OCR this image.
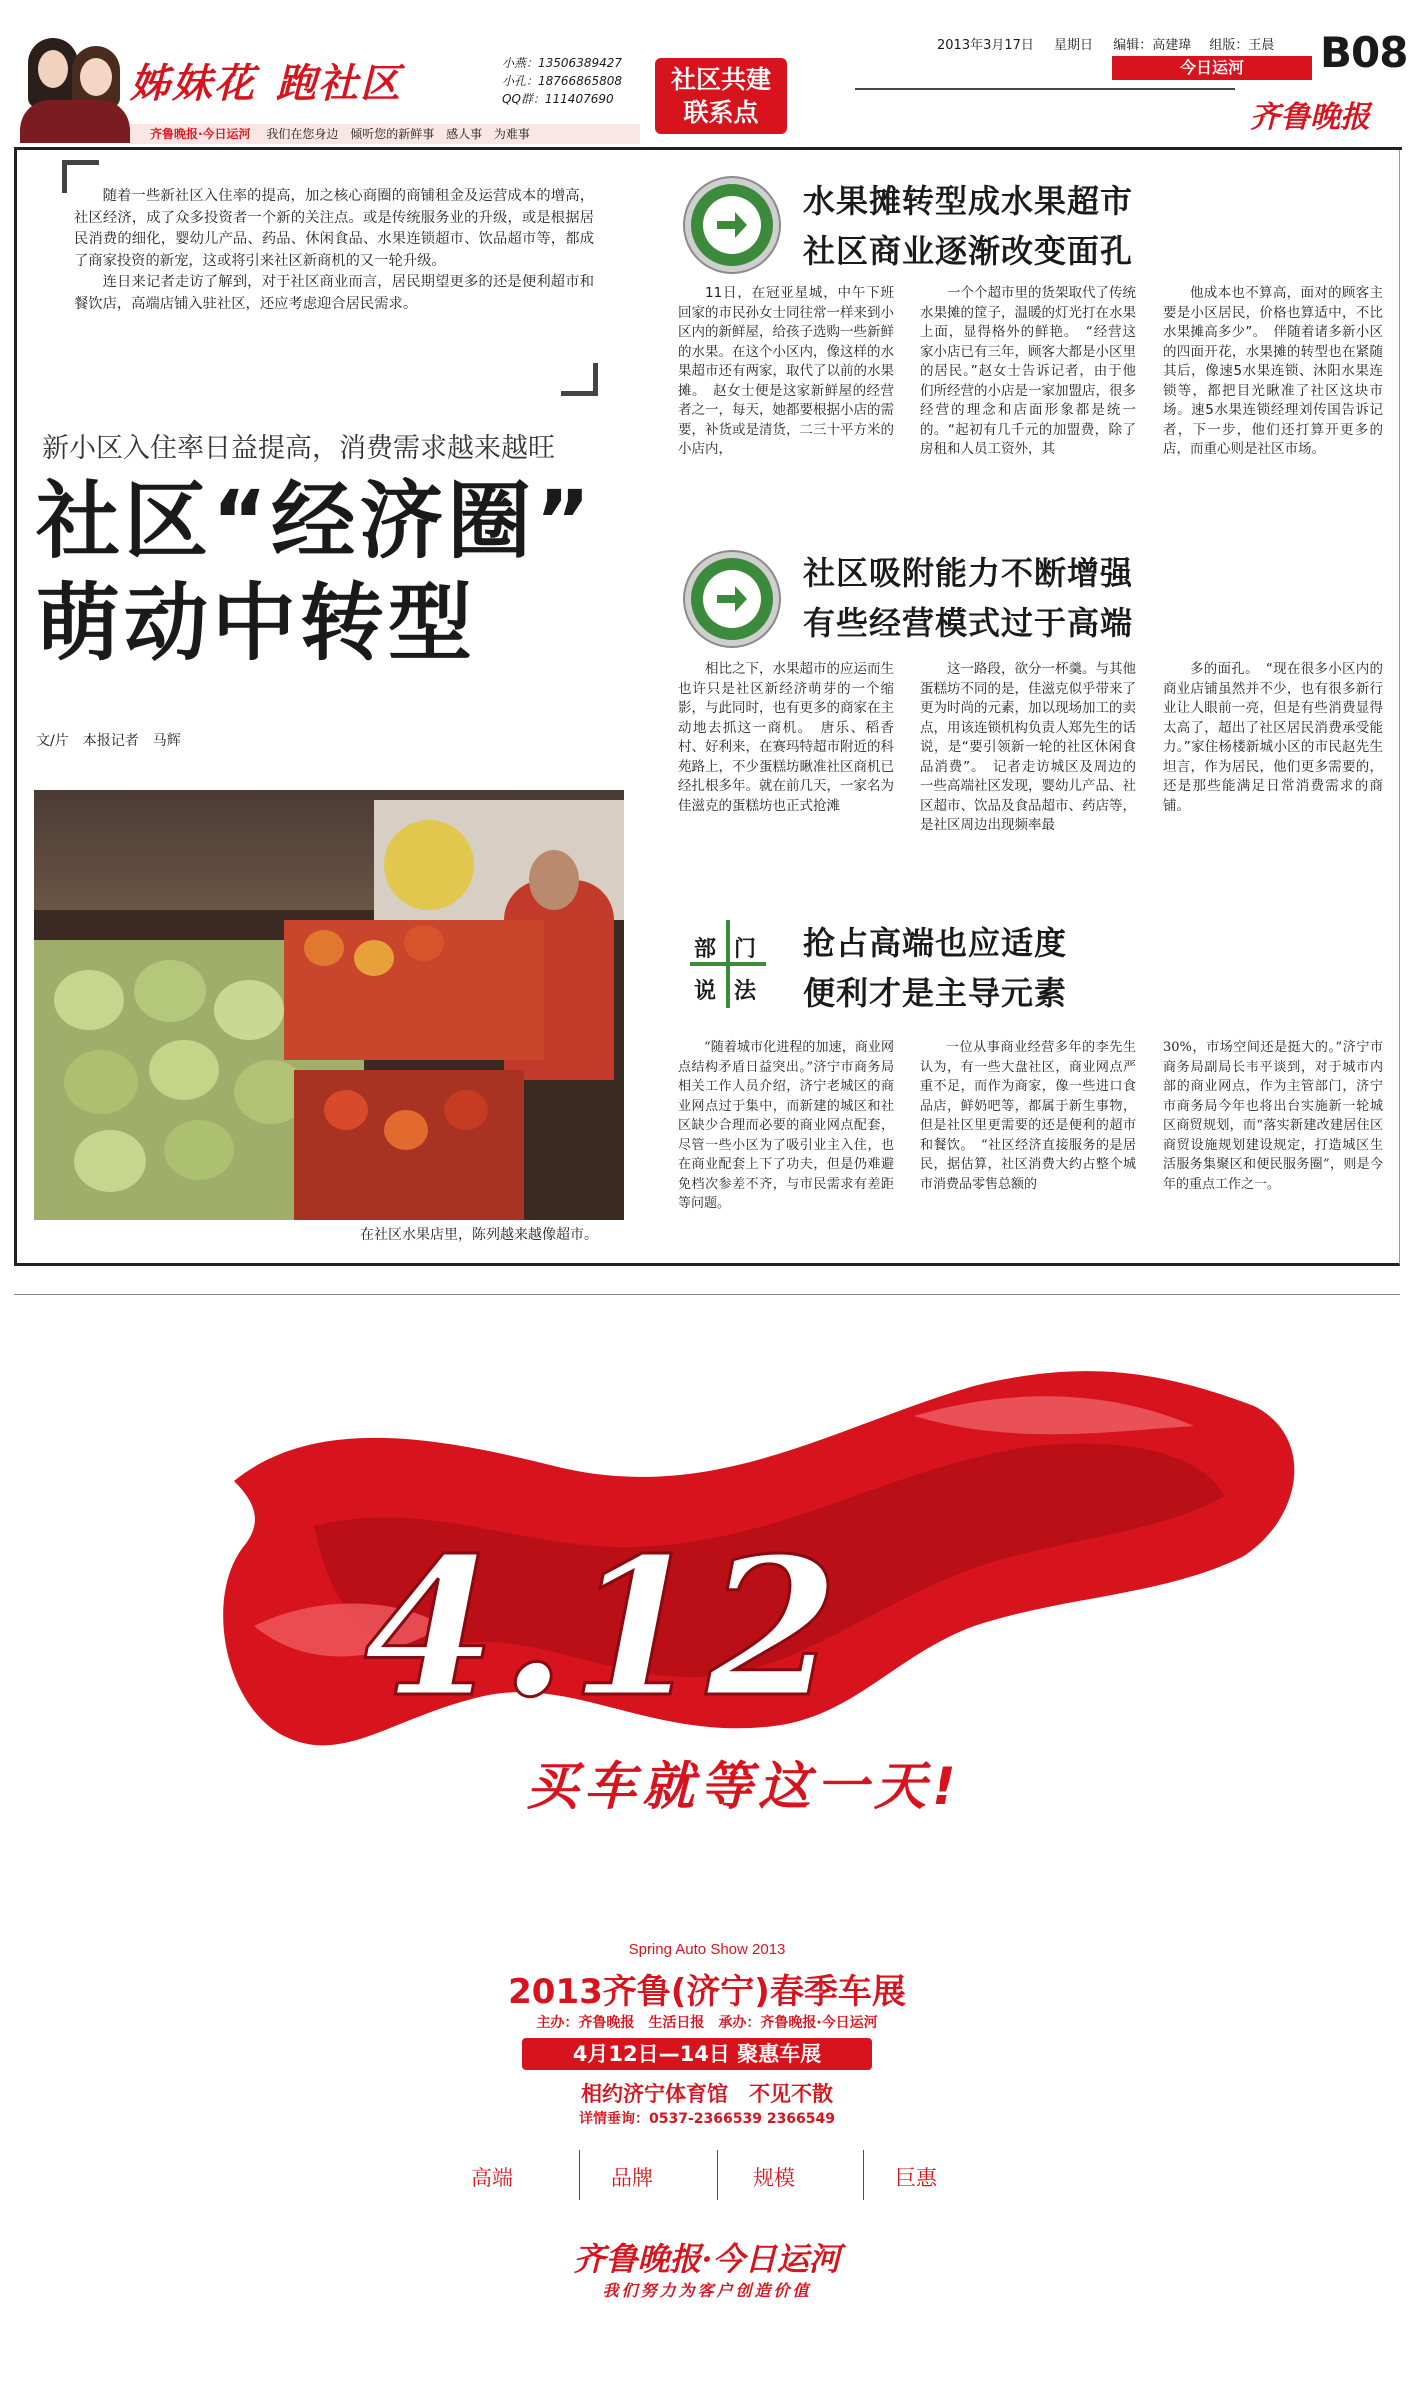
姊妹花 跑社区	小燕：13506389427
小孔：18766865808
QQ群：111407690
社区共建
联系点
齐鲁晚报·今日运河 我们在您身边 倾听您的新鲜事 感人事 为难事
2013年3月17日 星期日 编辑：高建瑋 组版：王晨
今日运河	B08
齐鲁晚报

随着一些新社区入住率的提高，加之核心商圈的商铺租金及运营成本的增高，社区经济，成了众多投资者一个新的关注点。或是传统服务业的升级，或是根据居民消费的细化，婴幼儿产品、药品、休闲食品、水果连锁超市、饮品超市等，都成了商家投资的新宠，这或将引来社区新商机的又一轮升级。

连日来记者走访了解到，对于社区商业而言，居民期望更多的还是便利超市和餐饮店，高端店铺入驻社区，还应考虑迎合居民需求。

新小区入住率日益提高，消费需求越来越旺
社区“经济圈”
萌动中转型
文/片　本报记者　马辉
在社区水果店里，陈列越来越像超市。
水果摊转型成水果超市
社区商业逐渐改变面孔
11日，在冠亚星城，中午下班回家的市民孙女士同往常一样来到小区内的新鲜屋，给孩子选购一些新鲜的水果。在这个小区内，像这样的水果超市还有两家，取代了以前的水果摊。　赵女士便是这家新鲜屋的经营者之一，每天，她都要根据小店的需要，补货或是清货，二三十平方米的小店内，
一个个超市里的货架取代了传统水果摊的筐子，温暖的灯光打在水果上面，显得格外的鲜艳。　“经营这家小店已有三年，顾客大都是小区里的居民。”赵女士告诉记者，由于他们所经营的小店是一家加盟店，很多经营的理念和店面形象都是统一的。“起初有几千元的加盟费，除了房租和人员工资外，其
他成本也不算高，面对的顾客主要是小区居民，价格也算适中，不比水果摊高多少”。　伴随着诸多新小区的四面开花，水果摊的转型也在紧随其后，像速5水果连锁、沐阳水果连锁等，都把目光瞅准了社区这块市场。速5水果连锁经理刘传国告诉记者，下一步，他们还打算开更多的店，而重心则是社区市场。
社区吸附能力不断增强
有些经营模式过于高端
相比之下，水果超市的应运而生也许只是社区新经济萌芽的一个缩影，与此同时，也有更多的商家在主动地去抓这一商机。　唐乐、稻香村、好利来，在赛玛特超市附近的科苑路上，不少蛋糕坊瞅准社区商机已经扎根多年。就在前几天，一家名为佳滋克的蛋糕坊也正式抢滩
这一路段，欲分一杯羹。与其他蛋糕坊不同的是，佳滋克似乎带来了更为时尚的元素，加以现场加工的卖点，用该连锁机构负责人郑先生的话说，是“要引领新一轮的社区休闲食品消费”。　记者走访城区及周边的一些高端社区发现，婴幼儿产品、社区超市、饮品及食品超市、药店等，是社区周边出现频率最
多的面孔。　“现在很多小区内的商业店铺虽然并不少，也有很多新行业让人眼前一亮，但是有些消费显得太高了，超出了社区居民消费承受能力。”家住杨楼新城小区的市民赵先生坦言，作为居民，他们更多需要的，还是那些能满足日常消费需求的商铺。
部 门
说 法
抢占高端也应适度
便利才是主导元素
“随着城市化进程的加速，商业网点结构矛盾日益突出。”济宁市商务局相关工作人员介绍，济宁老城区的商业网点过于集中，而新建的城区和社区缺少合理而必要的商业网点配套，尽管一些小区为了吸引业主入住，也在商业配套上下了功夫，但是仍难避免档次参差不齐，与市民需求有差距等问题。
一位从事商业经营多年的李先生认为，有一些大盘社区，商业网点严重不足，而作为商家，像一些进口食品店，鲜奶吧等，都属于新生事物，但是社区里更需要的还是便利的超市和餐饮。　“社区经济直接服务的是居民，据估算，社区消费大约占整个城市消费品零售总额的
30%，市场空间还是挺大的。”济宁市商务局副局长韦平谈到，对于城市内部的商业网点，作为主管部门，济宁市商务局今年也将出台实施新一轮城区商贸规划，而“落实新建改建居住区商贸设施规划建设规定，打造城区生活服务集聚区和便民服务圈”，则是今年的重点工作之一。
4.12
买车就等这一天!
Spring Auto Show 2013
2013齐鲁(济宁)春季车展
主办：齐鲁晚报　生活日报　承办：齐鲁晚报·今日运河
4月12日—14日 聚惠车展
相约济宁体育馆　不见不散
详情垂询：0537-2366539 2366549
高端	品牌	规模	巨惠
齐鲁晚报·今日运河
我们努力为客户创造价值
